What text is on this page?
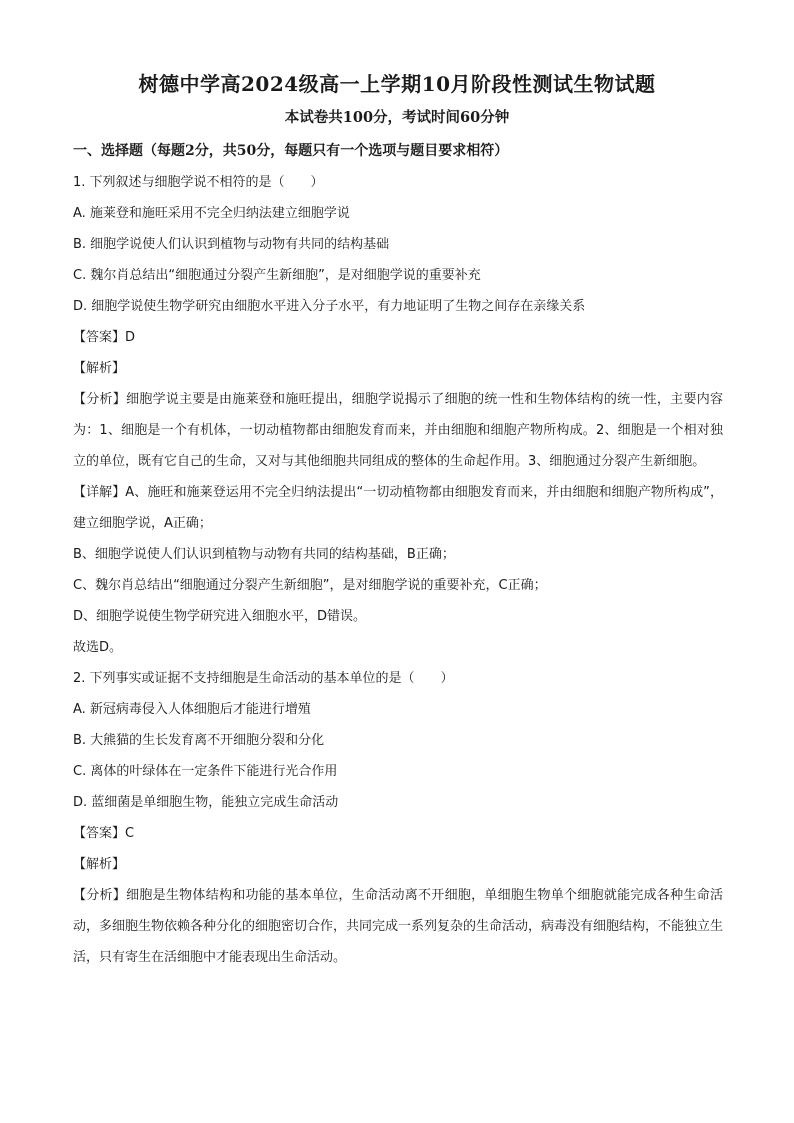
树德中学高2024级高一上学期10月阶段性测试生物试题
本试卷共100分，考试时间60分钟
一、选择题（每题2分，共50分，每题只有一个选项与题目要求相符）
1. 下列叙述与细胞学说不相符的是（　　）
A. 施莱登和施旺采用不完全归纳法建立细胞学说
B. 细胞学说使人们认识到植物与动物有共同的结构基础
C. 魏尔肖总结出“细胞通过分裂产生新细胞”，是对细胞学说的重要补充
D. 细胞学说使生物学研究由细胞水平进入分子水平，有力地证明了生物之间存在亲缘关系
【答案】D
【解析】
【分析】细胞学说主要是由施莱登和施旺提出，细胞学说揭示了细胞的统一性和生物体结构的统一性，主要内容为：1、细胞是一个有机体，一切动植物都由细胞发育而来，并由细胞和细胞产物所构成。2、细胞是一个相对独立的单位，既有它自己的生命，又对与其他细胞共同组成的整体的生命起作用。3、细胞通过分裂产生新细胞。
【详解】A、施旺和施莱登运用不完全归纳法提出“一切动植物都由细胞发育而来，并由细胞和细胞产物所构成”，建立细胞学说，A正确；
B、细胞学说使人们认识到植物与动物有共同的结构基础，B正确；
C、魏尔肖总结出“细胞通过分裂产生新细胞”，是对细胞学说的重要补充，C正确；
D、细胞学说使生物学研究进入细胞水平，D错误。
故选D。
2. 下列事实或证据不支持细胞是生命活动的基本单位的是（　　）
A. 新冠病毒侵入人体细胞后才能进行增殖
B. 大熊猫的生长发育离不开细胞分裂和分化
C. 离体的叶绿体在一定条件下能进行光合作用
D. 蓝细菌是单细胞生物，能独立完成生命活动
【答案】C
【解析】
【分析】细胞是生物体结构和功能的基本单位，生命活动离不开细胞，单细胞生物单个细胞就能完成各种生命活动，多细胞生物依赖各种分化的细胞密切合作，共同完成一系列复杂的生命活动，病毒没有细胞结构，不能独立生活，只有寄生在活细胞中才能表现出生命活动。
